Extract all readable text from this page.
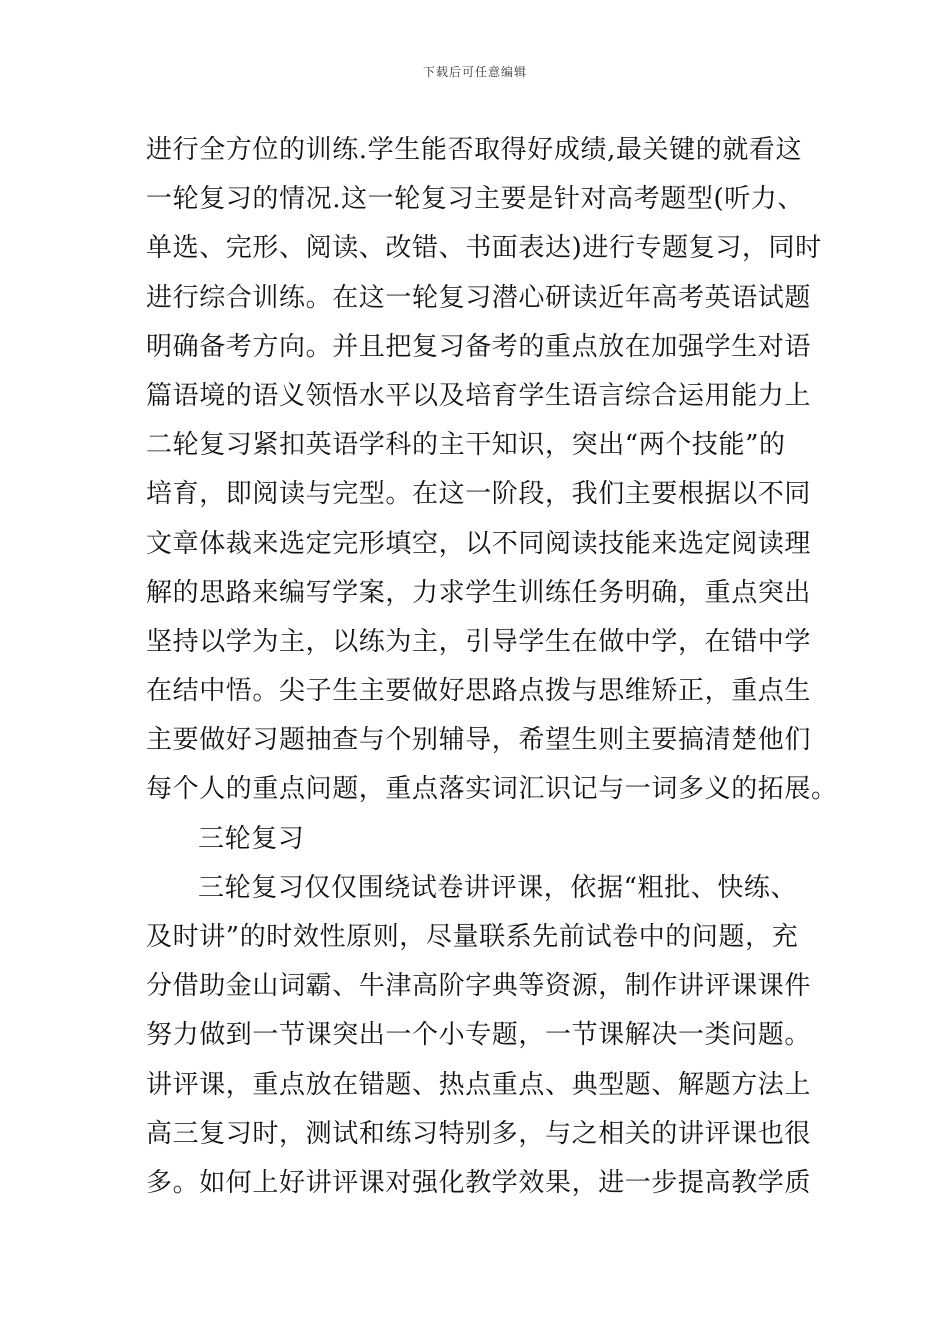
下载后可任意编辑
进行全方位的训练.学生能否取得好成绩,最关键的就看这
一轮复习的情况.这一轮复习主要是针对高考题型(听力、
单选、完形、阅读、改错、书面表达)进行专题复习，同时
进行综合训练。在这一轮复习潜心研读近年高考英语试题
明确备考方向。并且把复习备考的重点放在加强学生对语
篇语境的语义领悟水平以及培育学生语言综合运用能力上
二轮复习紧扣英语学科的主干知识，突出“两个技能”的
培育，即阅读与完型。在这一阶段，我们主要根据以不同
文章体裁来选定完形填空，以不同阅读技能来选定阅读理
解的思路来编写学案，力求学生训练任务明确，重点突出
坚持以学为主，以练为主，引导学生在做中学，在错中学
在结中悟。尖子生主要做好思路点拨与思维矫正，重点生
主要做好习题抽查与个别辅导，希望生则主要搞清楚他们
每个人的重点问题，重点落实词汇识记与一词多义的拓展。
三轮复习
三轮复习仅仅围绕试卷讲评课，依据“粗批、快练、
及时讲”的时效性原则，尽量联系先前试卷中的问题，充
分借助金山词霸、牛津高阶字典等资源，制作讲评课课件
努力做到一节课突出一个小专题，一节课解决一类问题。
讲评课，重点放在错题、热点重点、典型题、解题方法上
高三复习时，测试和练习特别多，与之相关的讲评课也很
多。如何上好讲评课对强化教学效果，进一步提高教学质
